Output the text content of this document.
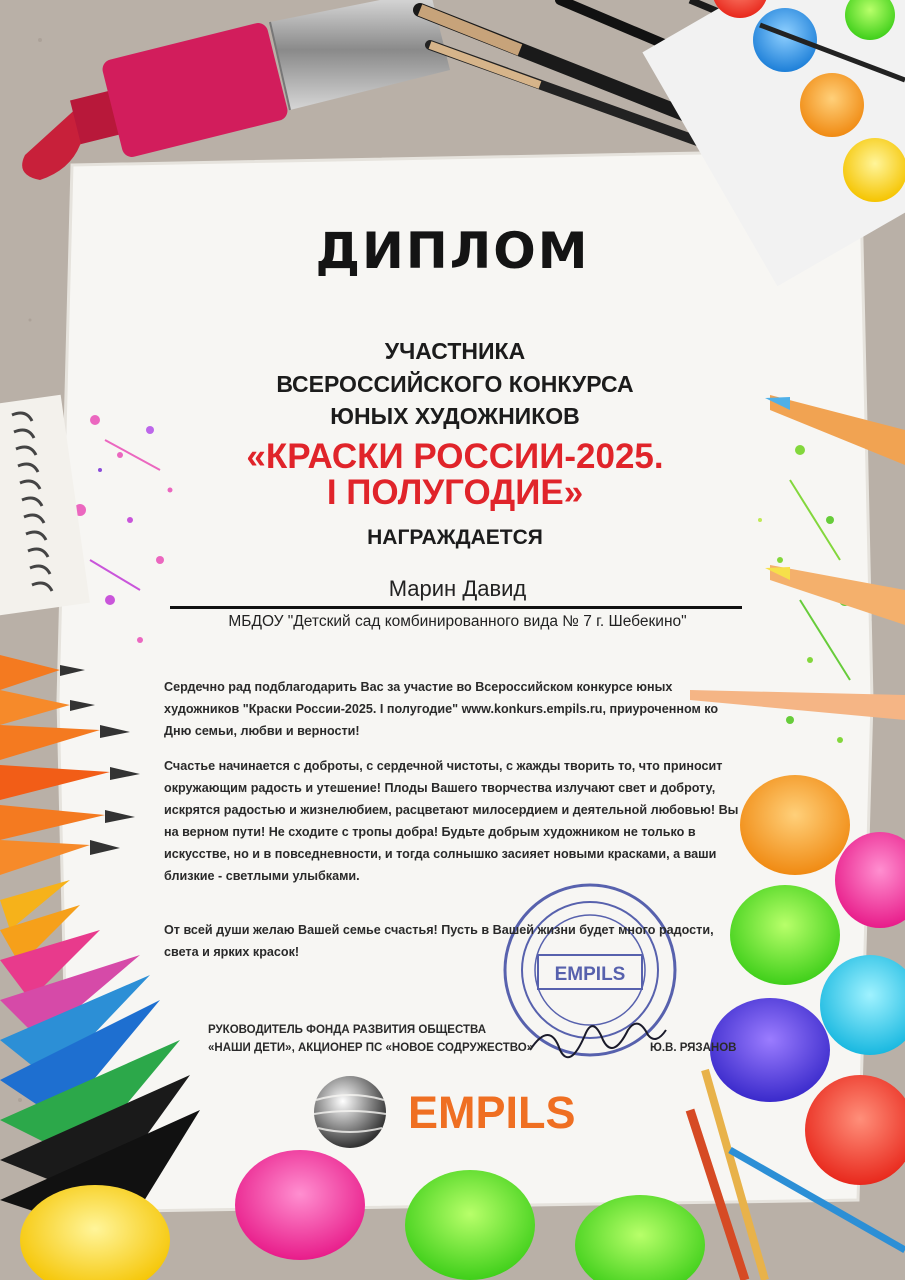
EMPILS
ДИПЛОМ
УЧАСТНИКА
ВСЕРОССИЙСКОГО КОНКУРСА
ЮНЫХ ХУДОЖНИКОВ
«КРАСКИ РОССИИ-2025.
I ПОЛУГОДИЕ»
НАГРАЖДАЕТСЯ
Марин Давид
МБДОУ "Детский сад комбинированного вида № 7 г. Шебекино"

Сердечно рад подблагодарить Вас за участие во Всероссийском конкурсе юных художников "Краски России-2025. I полугодие" www.konkurs.empils.ru, приуроченном ко Дню семьи, любви и верности!

Счастье начинается с доброты, с сердечной чистоты, с жажды творить то, что приносит окружающим радость и утешение! Плоды Вашего творчества излучают свет и доброту, искрятся радостью и жизнелюбием, расцветают милосердием и деятельной любовью! Вы на верном пути! Не сходите с тропы добра! Будьте добрым художником не только в искусстве, но и в повседневности, и тогда солнышко засияет новыми красками, а ваши близкие - светлыми улыбками.

От всей души желаю Вашей семье счастья! Пусть в Вашей жизни будет много радости, света и ярких красок!

РУКОВОДИТЕЛЬ ФОНДА РАЗВИТИЯ ОБЩЕСТВА
«НАШИ ДЕТИ», АКЦИОНЕР ПС «НОВОЕ СОДРУЖЕСТВО»	Ю.В. РЯЗАНОВ
EMPILS
